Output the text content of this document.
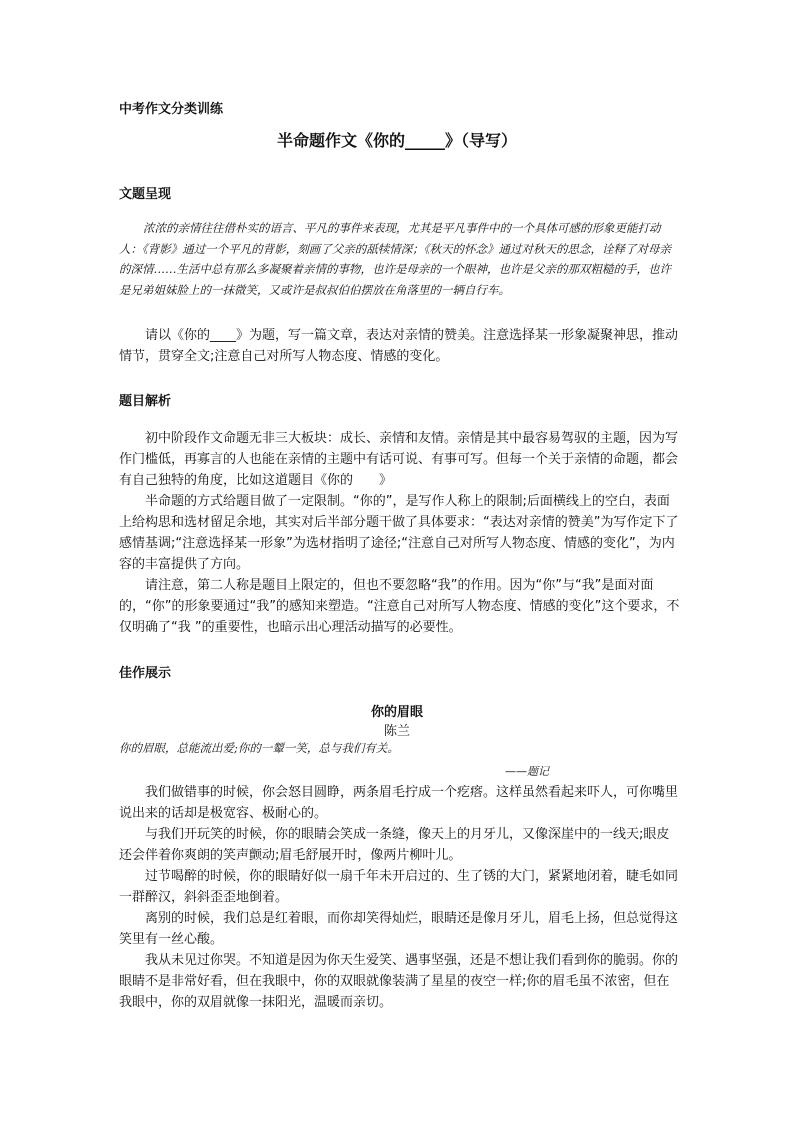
中考作文分类训练
半命题作文《你的_____》（导写）
文题呈现

浓浓的亲情往往借朴实的语言、平凡的事件来表现，尤其是平凡事件中的一个具体可感的形象更能打动人：《背影》通过一个平凡的背影，刻画了父亲的舐犊情深；《秋天的怀念》通过对秋天的思念，诠释了对母亲的深情……生活中总有那么多凝聚着亲情的事物，也许是母亲的一个眼神，也许是父亲的那双粗糙的手，也许是兄弟姐妹脸上的一抹微笑，又或许是叔叔伯伯摆放在角落里的一辆自行车。

请以《你的____》为题，写一篇文章，表达对亲情的赞美。注意选择某一形象凝聚神思，推动情节，贯穿全文;注意自己对所写人物态度、情感的变化。

题目解析

初中阶段作文命题无非三大板块：成长、亲情和友情。亲情是其中最容易驾驭的主题，因为写作门槛低，再寡言的人也能在亲情的主题中有话可说、有事可写。但每一个关于亲情的命题，都会有自己独特的角度，比如这道题目《你的　　》

半命题的方式给题目做了一定限制。“你的”，是写作人称上的限制;后面横线上的空白，表面上给构思和选材留足余地，其实对后半部分题干做了具体要求：“表达对亲情的赞美”为写作定下了感情基调;“注意选择某一形象”为选材指明了途径;“注意自己对所写人物态度、情感的变化”，为内容的丰富提供了方向。

请注意，第二人称是题目上限定的，但也不要忽略“我”的作用。因为“你”与“我”是面对面的，“你”的形象要通过“我”的感知来塑造。“注意自己对所写人物态度、情感的变化”这个要求，不仅明确了“我 ”的重要性，也暗示出心理活动描写的必要性。

佳作展示
你的眉眼
陈兰
你的眉眼，总能流出爱;你的一颦一笑，总与我们有关。
——题记

我们做错事的时候，你会怒目圆睁，两条眉毛拧成一个疙瘩。这样虽然看起来吓人，可你嘴里说出来的话却是极宽容、极耐心的。

与我们开玩笑的时候，你的眼睛会笑成一条缝，像天上的月牙儿，又像深崖中的一线天;眼皮还会伴着你爽朗的笑声颤动;眉毛舒展开时，像两片柳叶儿。

过节喝醉的时候，你的眼睛好似一扇千年未开启过的、生了锈的大门，紧紧地闭着，睫毛如同一群醉汉，斜斜歪歪地倒着。

离别的时候，我们总是红着眼，而你却笑得灿烂，眼睛还是像月牙儿，眉毛上扬，但总觉得这笑里有一丝心酸。

我从未见过你哭。不知道是因为你天生爱笑、遇事坚强，还是不想让我们看到你的脆弱。你的眼睛不是非常好看，但在我眼中，你的双眼就像装满了星星的夜空一样;你的眉毛虽不浓密，但在我眼中，你的双眉就像一抹阳光，温暖而亲切。
